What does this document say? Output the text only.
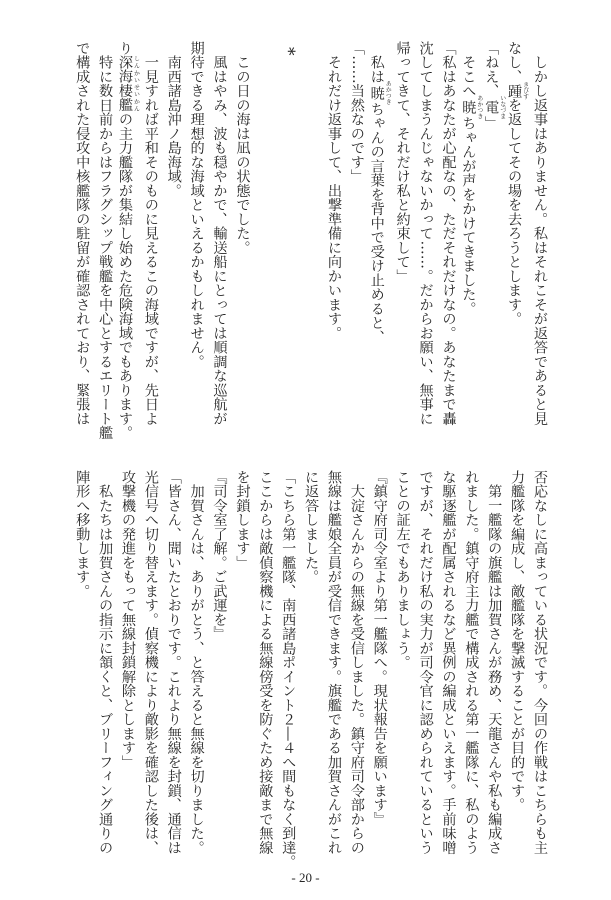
　しかし返事はありません。私はそれこそが返答であると見
なし、踵 きびすを返してその場を去ろうとします。
「ねえ、電 いなづま」
　そこへ暁 あかつきちゃんが声をかけてきました。
「私はあなたが心配なの、ただそれだけなの。あなたまで轟
沈してしまうんじゃないかって……。だからお願い、無事に
帰ってきて、それだけ私と約束して」
　私は暁 あかつきちゃんの言葉を背中で受け止めると、
「……当然なのです」
　それだけ返事して、出撃準備に向かいます。
*
　この日の海は凪の状態でした。
　風はやみ、波も穏やかで、輸送船にとっては順調な巡航が
期待できる理想的な海域といえるかもしれません。
　南西諸島沖ノ島海域。
　一見すれば平和そのものに見えるこの海域ですが、先日よ
り深海棲艦 しんかいせいかんの主力艦隊が集結し始めた危険海域でもあります。
　特に数日前からはフラグシップ戦艦を中心とするエリート艦
で構成された侵攻中核艦隊の駐留が確認されており、緊張は
否応なしに高まっている状況です。今回の作戦はこちらも主
力艦隊を編成し、敵艦隊を撃滅することが目的です。
　第一艦隊の旗艦は加賀さんが務め、天龍さんや私も編成さ
れました。鎮守府主力艦で構成される第一艦隊に、私のよう
な駆逐艦が配属されるなど異例の編成といえます。手前味噌
ですが、それだけ私の実力が司令官に認められているという
ことの証左でもありましょう。
『鎮守府司令室より第一艦隊へ。現状報告を願います』
　大淀さんからの無線を受信しました。鎮守府司令部からの
無線は艦娘全員が受信できます。旗艦である加賀さんがこれ
に返答しました。
「こちら第一艦隊、南西諸島ポイント２―４へ間もなく到達。
ここからは敵偵察機による無線傍受を防ぐため接敵まで無線
を封鎖します」
『司令室了解。ご武運を』
　加賀さんは、ありがとう、と答えると無線を切りました。
「皆さん、聞いたとおりです。これより無線を封鎖、通信は
光信号へ切り替えます。偵察機により敵影を確認した後は、
攻撃機の発進をもって無線封鎖解除とします」
　私たちは加賀さんの指示に頷くと、ブリーフィング通りの
陣形へ移動します。
- 20 -
